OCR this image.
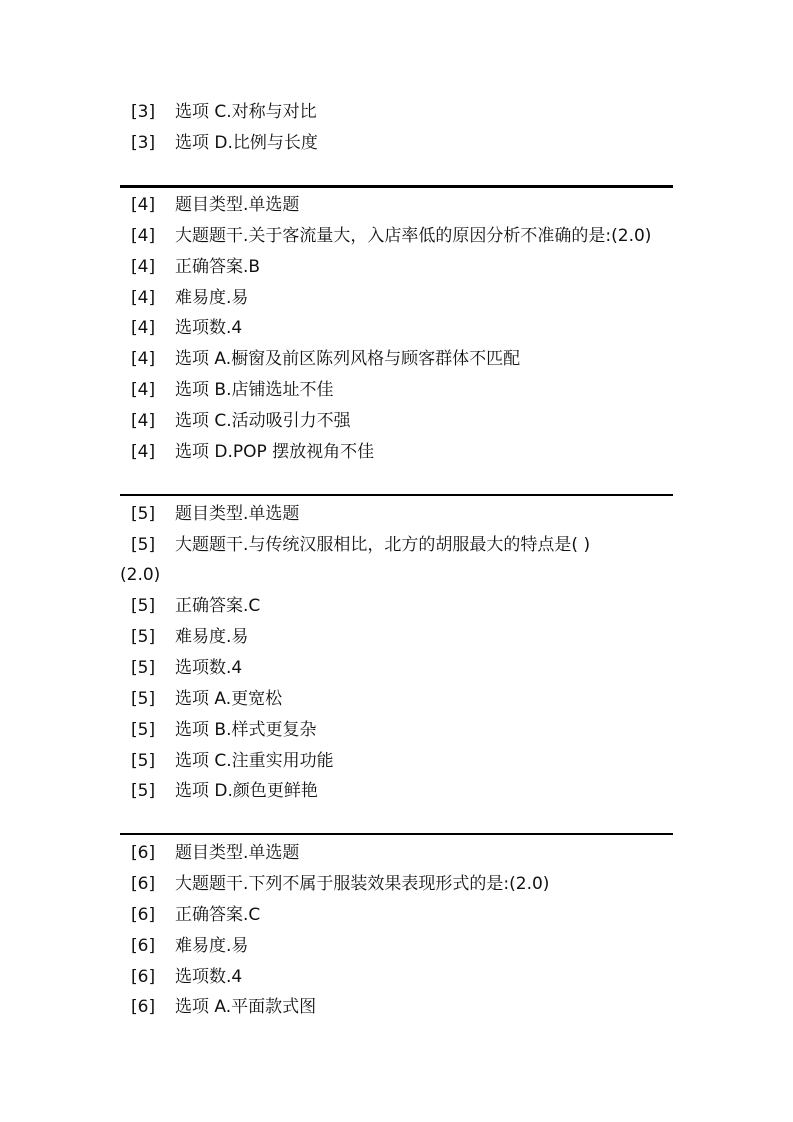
[3] 选项 C.对称与对比
[3] 选项 D.比例与长度
[4] 题目类型.单选题
[4] 大题题干.关于客流量大，入店率低的原因分析不准确的是:(2.0)
[4] 正确答案.B
[4] 难易度.易
[4] 选项数.4
[4] 选项 A.橱窗及前区陈列风格与顾客群体不匹配
[4] 选项 B.店铺选址不佳
[4] 选项 C.活动吸引力不强
[4] 选项 D.POP 摆放视角不佳
[5] 题目类型.单选题
[5] 大题题干.与传统汉服相比，北方的胡服最大的特点是( )
(2.0)
[5] 正确答案.C
[5] 难易度.易
[5] 选项数.4
[5] 选项 A.更宽松
[5] 选项 B.样式更复杂
[5] 选项 C.注重实用功能
[5] 选项 D.颜色更鲜艳
[6] 题目类型.单选题
[6] 大题题干.下列不属于服装效果表现形式的是:(2.0)
[6] 正确答案.C
[6] 难易度.易
[6] 选项数.4
[6] 选项 A.平面款式图
